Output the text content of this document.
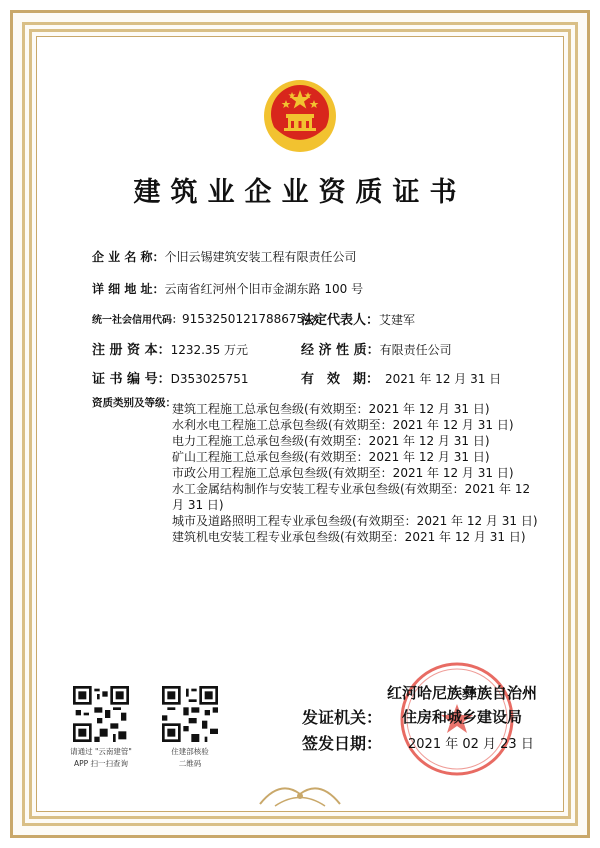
建筑业企业资质证书
企 业 名 称：个旧云锡建筑安装工程有限责任公司
详 细 地 址：云南省红河州个旧市金湖东路 100 号
统一社会信用代码：91532501217886754x
法定代表人：艾建军
注 册 资 本：1232.35 万元	经 济 性 质：有限责任公司
证 书 编 号：D353025751	有　效　期： 2021 年 12 月 31 日
资质类别及等级：
建筑工程施工总承包叁级(有效期至：2021 年 12 月 31 日)
水利水电工程施工总承包叁级(有效期至：2021 年 12 月 31 日)
电力工程施工总承包叁级(有效期至：2021 年 12 月 31 日)
矿山工程施工总承包叁级(有效期至：2021 年 12 月 31 日)
市政公用工程施工总承包叁级(有效期至：2021 年 12 月 31 日)
水工金属结构制作与安装工程专业承包叁级(有效期至：2021 年 12 月 31 日)
城市及道路照明工程专业承包叁级(有效期至：2021 年 12 月 31 日)
建筑机电安装工程专业承包叁级(有效期至：2021 年 12 月 31 日)
请通过 "云南建管"
APP 扫一扫查询
住建部核验
二维码
发证机关：
红河哈尼族彝族自治州
住房和城乡建设局
签发日期： 2021 年 02 月 23 日
